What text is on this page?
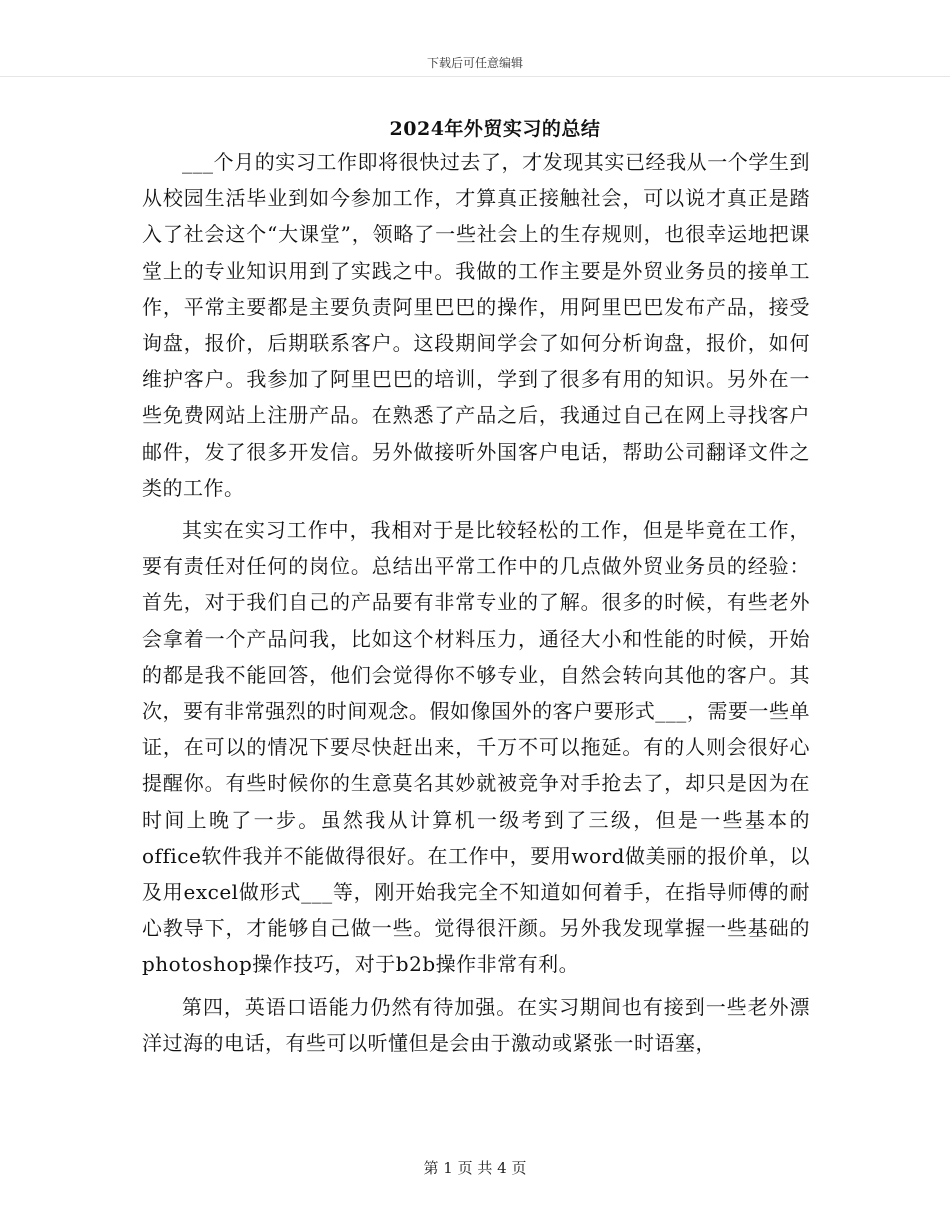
下载后可任意编辑
2024年外贸实习的总结

___个月的实习工作即将很快过去了，才发现其实已经我从一个学生到从校园生活毕业到如今参加工作，才算真正接触社会，可以说才真正是踏入了社会这个“大课堂”，领略了一些社会上的生存规则，也很幸运地把课堂上的专业知识用到了实践之中。我做的工作主要是外贸业务员的接单工作，平常主要都是主要负责阿里巴巴的操作，用阿里巴巴发布产品，接受询盘，报价，后期联系客户。这段期间学会了如何分析询盘，报价，如何维护客户。我参加了阿里巴巴的培训，学到了很多有用的知识。另外在一些免费网站上注册产品。在熟悉了产品之后，我通过自己在网上寻找客户邮件，发了很多开发信。另外做接听外国客户电话，帮助公司翻译文件之类的工作。

其实在实习工作中，我相对于是比较轻松的工作，但是毕竟在工作，要有责任对任何的岗位。总结出平常工作中的几点做外贸业务员的经验：首先，对于我们自己的产品要有非常专业的了解。很多的时候，有些老外会拿着一个产品问我，比如这个材料压力，通径大小和性能的时候，开始的都是我不能回答，他们会觉得你不够专业，自然会转向其他的客户。其次，要有非常强烈的时间观念。假如像国外的客户要形式___，需要一些单证，在可以的情况下要尽快赶出来，千万不可以拖延。有的人则会很好心提醒你。有些时候你的生意莫名其妙就被竞争对手抢去了，却只是因为在时间上晚了一步。虽然我从计算机一级考到了三级，但是一些基本的office软件我并不能做得很好。在工作中，要用word做美丽的报价单，以及用excel做形式___等，刚开始我完全不知道如何着手，在指导师傅的耐心教导下，才能够自己做一些。觉得很汗颜。另外我发现掌握一些基础的photoshop操作技巧，对于b2b操作非常有利。

第四，英语口语能力仍然有待加强。在实习期间也有接到一些老外漂洋过海的电话，有些可以听懂但是会由于激动或紧张一时语塞，

第 1 页 共 4 页
